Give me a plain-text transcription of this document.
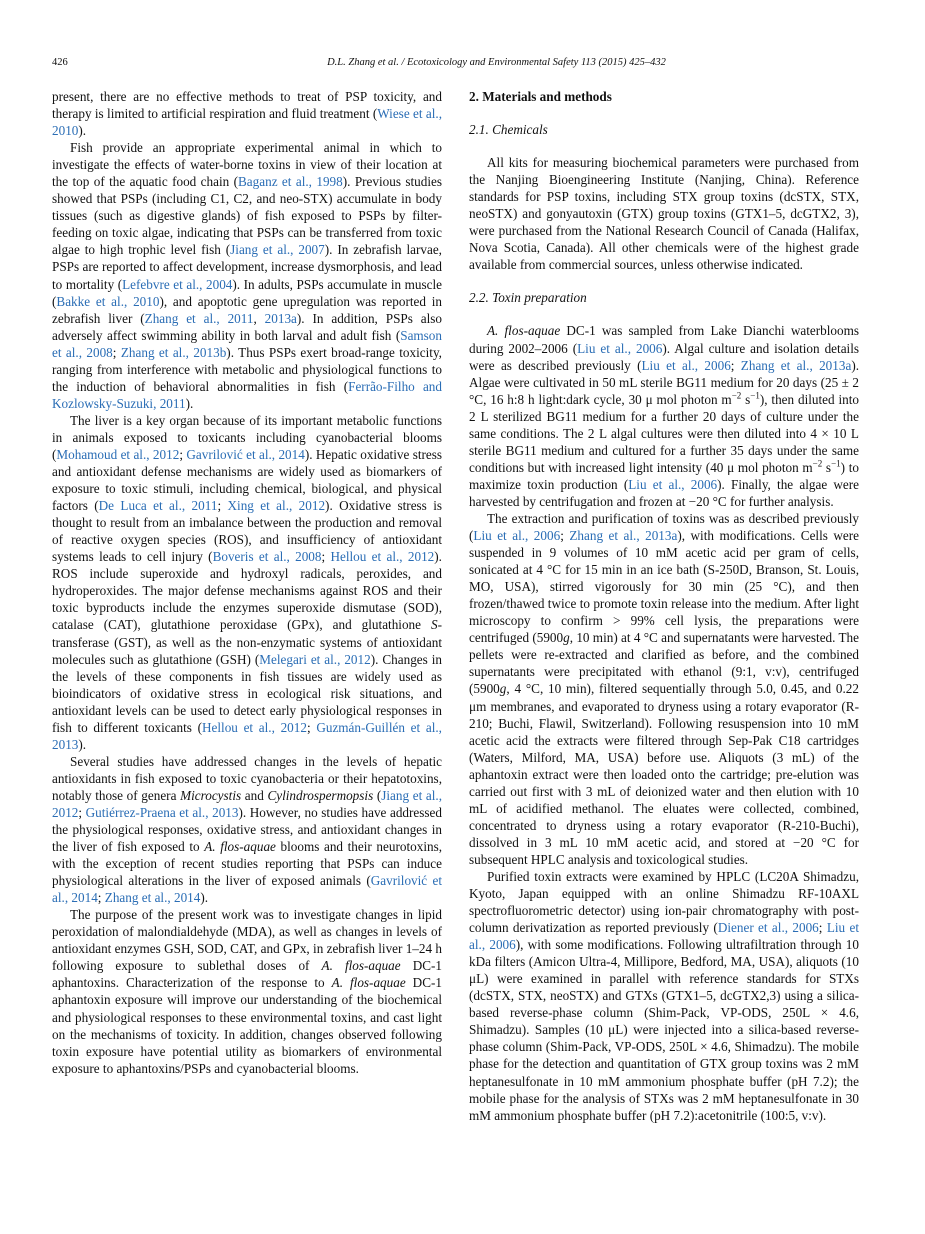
426	D.L. Zhang et al. / Ecotoxicology and Environmental Safety 113 (2015) 425–432

present, there are no effective methods to treat of PSP toxicity, and therapy is limited to artificial respiration and fluid treatment (Wiese et al., 2010).

Fish provide an appropriate experimental animal in which to investigate the effects of water-borne toxins in view of their location at the top of the aquatic food chain (Baganz et al., 1998). Previous studies showed that PSPs (including C1, C2, and neo-STX) accumulate in body tissues (such as digestive glands) of fish exposed to PSPs by filter-feeding on toxic algae, indicating that PSPs can be transferred from toxic algae to high trophic level fish (Jiang et al., 2007). In zebrafish larvae, PSPs are reported to affect development, increase dysmorphosis, and lead to mortality (Lefebvre et al., 2004). In adults, PSPs accumulate in muscle (Bakke et al., 2010), and apoptotic gene upregulation was reported in zebrafish liver (Zhang et al., 2011, 2013a). In addition, PSPs also adversely affect swimming ability in both larval and adult fish (Samson et al., 2008; Zhang et al., 2013b). Thus PSPs exert broad-range toxicity, ranging from interference with metabolic and physiological functions to the induction of behavioral abnormalities in fish (Ferrão-Filho and Kozlowsky-Suzuki, 2011).

The liver is a key organ because of its important metabolic functions in animals exposed to toxicants including cyanobacterial blooms (Mohamoud et al., 2012; Gavrilović et al., 2014). Hepatic oxidative stress and antioxidant defense mechanisms are widely used as biomarkers of exposure to toxic stimuli, including chemical, biological, and physical factors (De Luca et al., 2011; Xing et al., 2012). Oxidative stress is thought to result from an imbalance between the production and removal of reactive oxygen species (ROS), and insufficiency of antioxidant systems leads to cell injury (Boveris et al., 2008; Hellou et al., 2012). ROS include superoxide and hydroxyl radicals, peroxides, and hydroperoxides. The major defense mechanisms against ROS and their toxic byproducts include the enzymes superoxide dismutase (SOD), catalase (CAT), glutathione peroxidase (GPx), and glutathione S-transferase (GST), as well as the non-enzymatic systems of antioxidant molecules such as glutathione (GSH) (Melegari et al., 2012). Changes in the levels of these components in fish tissues are widely used as bioindicators of oxidative stress in ecological risk situations, and antioxidant levels can be used to detect early physiological responses in fish to different toxicants (Hellou et al., 2012; Guzmán-Guillén et al., 2013).

Several studies have addressed changes in the levels of hepatic antioxidants in fish exposed to toxic cyanobacteria or their hepatotoxins, notably those of genera Microcystis and Cylindrospermopsis (Jiang et al., 2012; Gutiérrez-Praena et al., 2013). However, no studies have addressed the physiological responses, oxidative stress, and antioxidant changes in the liver of fish exposed to A. flos-aquae blooms and their neurotoxins, with the exception of recent studies reporting that PSPs can induce physiological alterations in the liver of exposed animals (Gavrilović et al., 2014; Zhang et al., 2014).

The purpose of the present work was to investigate changes in lipid peroxidation of malondialdehyde (MDA), as well as changes in levels of antioxidant enzymes GSH, SOD, CAT, and GPx, in zebrafish liver 1–24 h following exposure to sublethal doses of A. flos-aquae DC-1 aphantoxins. Characterization of the response to A. flos-aquae DC-1 aphantoxin exposure will improve our understanding of the biochemical and physiological responses to these environmental toxins, and cast light on the mechanisms of toxicity. In addition, changes observed following toxin exposure have potential utility as biomarkers of environmental exposure to aphantoxins/PSPs and cyanobacterial blooms.

2. Materials and methods
2.1. Chemicals

All kits for measuring biochemical parameters were purchased from the Nanjing Bioengineering Institute (Nanjing, China). Reference standards for PSP toxins, including STX group toxins (dcSTX, STX, neoSTX) and gonyautoxin (GTX) group toxins (GTX1–5, dcGTX2, 3), were purchased from the National Research Council of Canada (Halifax, Nova Scotia, Canada). All other chemicals were of the highest grade available from commercial sources, unless otherwise indicated.

2.2. Toxin preparation

A. flos-aquae DC-1 was sampled from Lake Dianchi waterblooms during 2002–2006 (Liu et al., 2006). Algal culture and isolation details were as described previously (Liu et al., 2006; Zhang et al., 2013a). Algae were cultivated in 50 mL sterile BG11 medium for 20 days (25 ± 2 °C, 16 h:8 h light:dark cycle, 30 μ mol photon $m^{-2}$ $s^{-1}$), then diluted into 2 L sterilized BG11 medium for a further 20 days of culture under the same conditions. The 2 L algal cultures were then diluted into 4 × 10 L sterile BG11 medium and cultured for a further 35 days under the same conditions but with increased light intensity (40 μ mol photon $m^{-2}$ $s^{-1}$) to maximize toxin production (Liu et al., 2006). Finally, the algae were harvested by centrifugation and frozen at −20 °C for further analysis.

The extraction and purification of toxins was as described previously (Liu et al., 2006; Zhang et al., 2013a), with modifications. Cells were suspended in 9 volumes of 10 mM acetic acid per gram of cells, sonicated at 4 °C for 15 min in an ice bath (S-250D, Branson, St. Louis, MO, USA), stirred vigorously for 30 min (25 °C), and then frozen/thawed twice to promote toxin release into the medium. After light microscopy to confirm > 99% cell lysis, the preparations were centrifuged (5900g, 10 min) at 4 °C and supernatants were harvested. The pellets were re-extracted and clarified as before, and the combined supernatants were precipitated with ethanol (9:1, v:v), centrifuged (5900g, 4 °C, 10 min), filtered sequentially through 5.0, 0.45, and 0.22 μm membranes, and evaporated to dryness using a rotary evaporator (R-210; Buchi, Flawil, Switzerland). Following resuspension into 10 mM acetic acid the extracts were filtered through Sep-Pak C18 cartridges (Waters, Milford, MA, USA) before use. Aliquots (3 mL) of the aphantoxin extract were then loaded onto the cartridge; pre-elution was carried out first with 3 mL of deionized water and then elution with 10 mL of acidified methanol. The eluates were collected, combined, concentrated to dryness using a rotary evaporator (R-210-Buchi), dissolved in 3 mL 10 mM acetic acid, and stored at −20 °C for subsequent HPLC analysis and toxicological studies.

Purified toxin extracts were examined by HPLC (LC20A Shimadzu, Kyoto, Japan equipped with an online Shimadzu RF-10AXL spectrofluorometric detector) using ion-pair chromatography with post-column derivatization as reported previously (Diener et al., 2006; Liu et al., 2006), with some modifications. Following ultrafiltration through 10 kDa filters (Amicon Ultra-4, Millipore, Bedford, MA, USA), aliquots (10 μL) were examined in parallel with reference standards for STXs (dcSTX, STX, neoSTX) and GTXs (GTX1–5, dcGTX2,3) using a silica-based reverse-phase column (Shim-Pack, VP-ODS, 250L × 4.6, Shimadzu). Samples (10 μL) were injected into a silica-based reverse-phase column (Shim-Pack, VP-ODS, 250L × 4.6, Shimadzu). The mobile phase for the detection and quantitation of GTX group toxins was 2 mM heptanesulfonate in 10 mM ammonium phosphate buffer (pH 7.2); the mobile phase for the analysis of STXs was 2 mM heptanesulfonate in 30 mM ammonium phosphate buffer (pH 7.2):acetonitrile (100:5, v:v).
